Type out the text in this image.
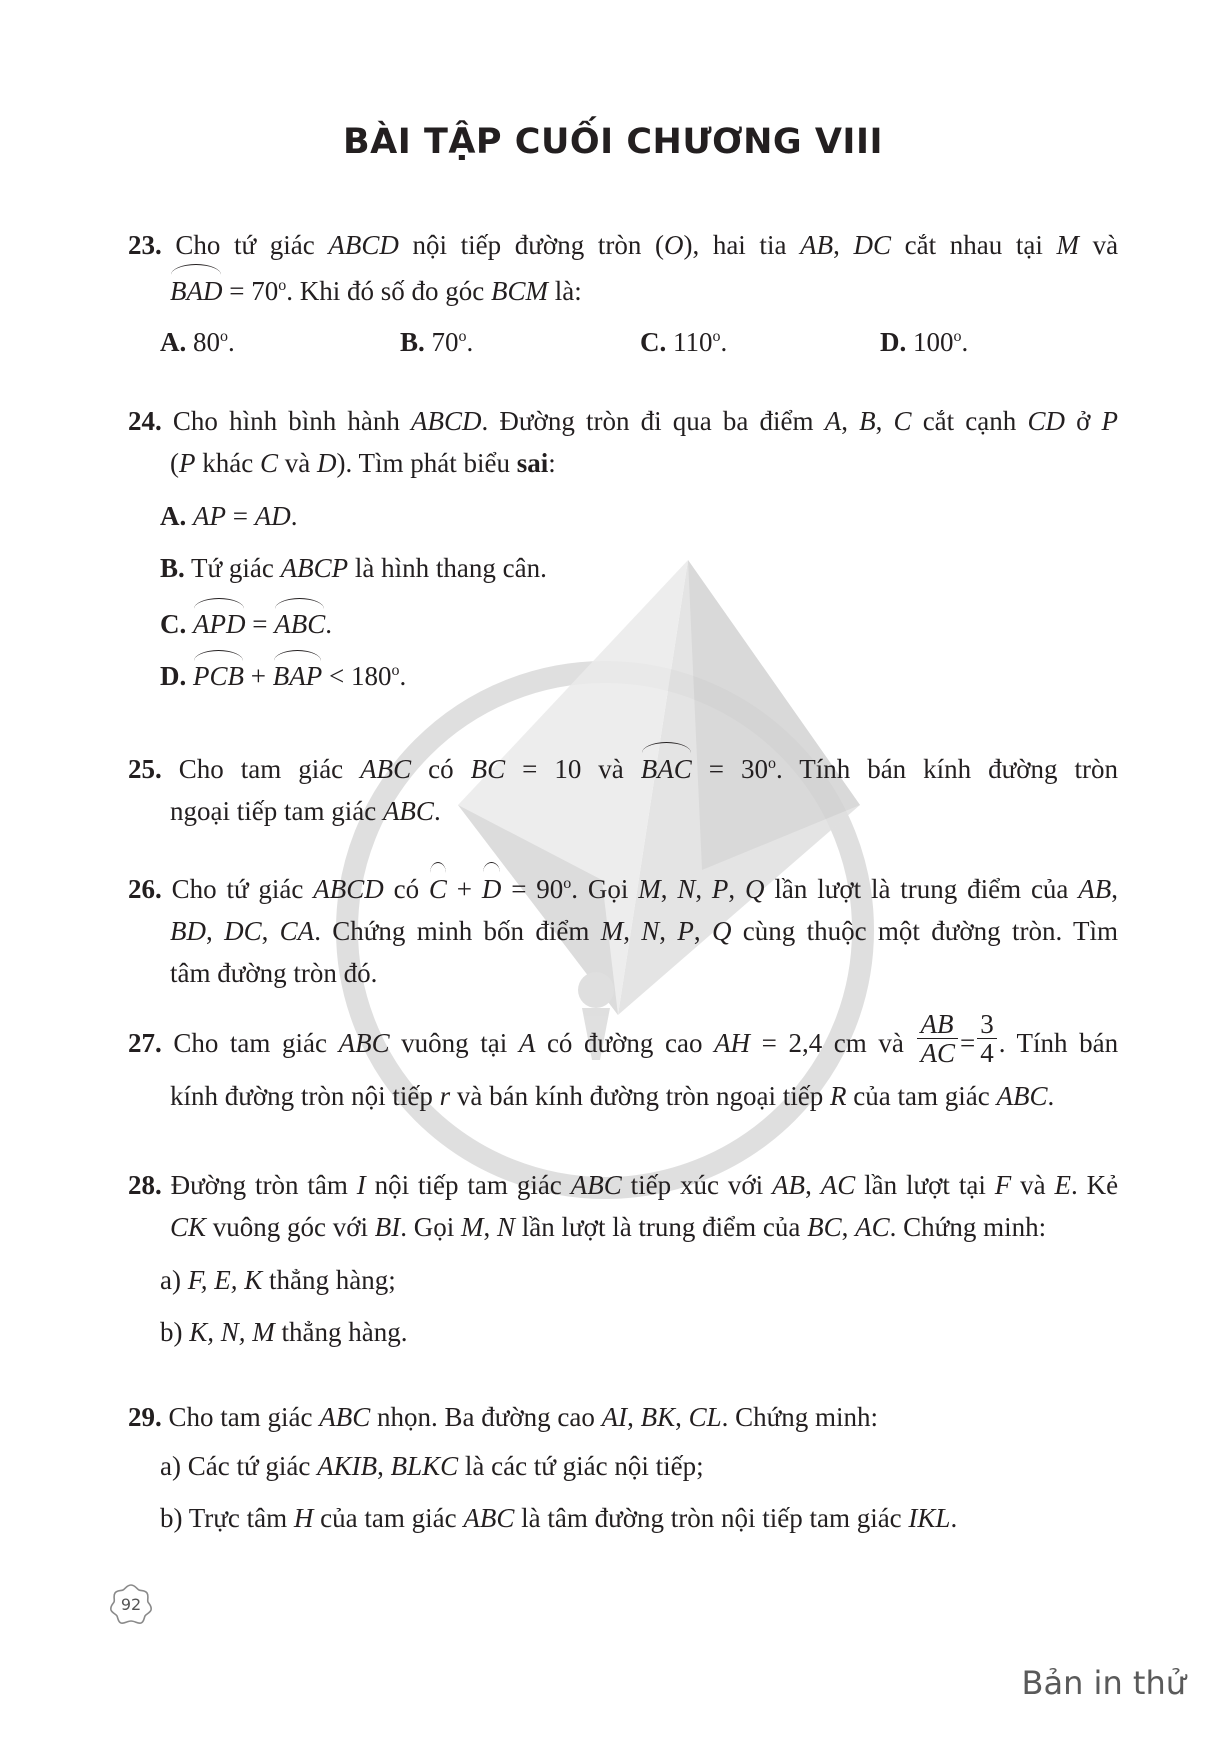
BÀI TẬP CUỐI CHƯƠNG VIII

23. Cho tứ giác ABCD nội tiếp đường tròn (O), hai tia AB, DC cắt nhau tại M và

BAD = $70^o$. Khi đó số đo góc BCM là:

A. 80$^o$.	B. 70$^o$.	C. 110$^o$.	D. 100$^o$.

24. Cho hình bình hành ABCD. Đường tròn đi qua ba điểm A, B, C cắt cạnh CD ở P

(P khác C và D). Tìm phát biểu sai:

A. AP = AD.
B. Tứ giác ABCP là hình thang cân.
C. APD = ABC.
D. PCB + BAP < $180^o$.

25. Cho tam giác ABC có BC = 10 và BAC = $30^o$. Tính bán kính đường tròn

ngoại tiếp tam giác ABC.

26. Cho tứ giác ABCD có $C + D = 90^o$. Gọi M, N, P, Q lần lượt là trung điểm của AB,

BD, DC, CA. Chứng minh bốn điểm M, N, P, Q cùng thuộc một đường tròn. Tìm

tâm đường tròn đó.

27. Cho tam giác ABC vuông tại A có đường cao AH = 2,4 cm và $\frac{AB}{AC} = \frac{3}{4}$ . Tính bán

kính đường tròn nội tiếp r và bán kính đường tròn ngoại tiếp R của tam giác ABC.

28. Đường tròn tâm I nội tiếp tam giác ABC tiếp xúc với AB, AC lần lượt tại F và E. Kẻ

CK vuông góc với BI. Gọi M, N lần lượt là trung điểm của BC, AC. Chứng minh:

a) F, E, K thẳng hàng;
b) K, N, M thẳng hàng.

29. Cho tam giác ABC nhọn. Ba đường cao AI, BK, CL. Chứng minh:

a) Các tứ giác AKIB, BLKC là các tứ giác nội tiếp;
b) Trực tâm H của tam giác ABC là tâm đường tròn nội tiếp tam giác IKL.
92
Bản in thử
